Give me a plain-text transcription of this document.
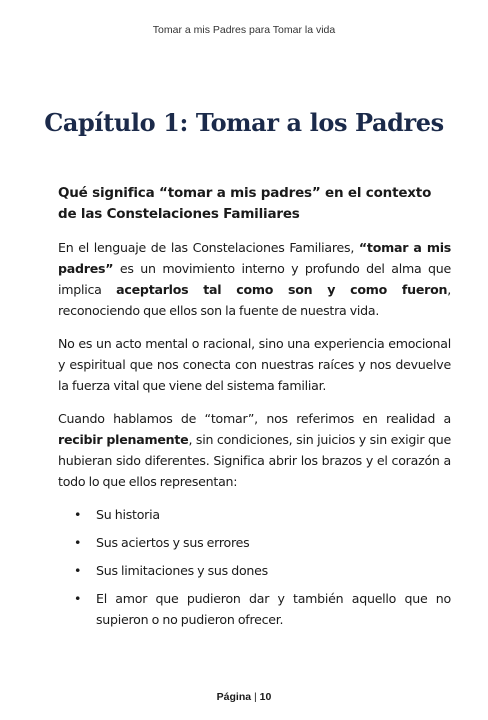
Tomar a mis Padres para Tomar la vida
Capítulo 1: Tomar a los Padres
Qué significa “tomar a mis padres” en el contexto de las Constelaciones Familiares

En el lenguaje de las Constelaciones Familiares, “tomar a mis padres” es un movimiento interno y profundo del alma que implica aceptarlos tal como son y como fueron, reconociendo que ellos son la fuente de nuestra vida.

No es un acto mental o racional, sino una experiencia emocional y espiritual que nos conecta con nuestras raíces y nos devuelve la fuerza vital que viene del sistema familiar.

Cuando hablamos de “tomar”, nos referimos en realidad a recibir plenamente, sin condiciones, sin juicios y sin exigir que hubieran sido diferentes. Significa abrir los brazos y el corazón a todo lo que ellos representan:

• Su historia
• Sus aciertos y sus errores
• Sus limitaciones y sus dones
• El amor que pudieron dar y también aquello que no supieron o no pudieron ofrecer.
Página | 10
